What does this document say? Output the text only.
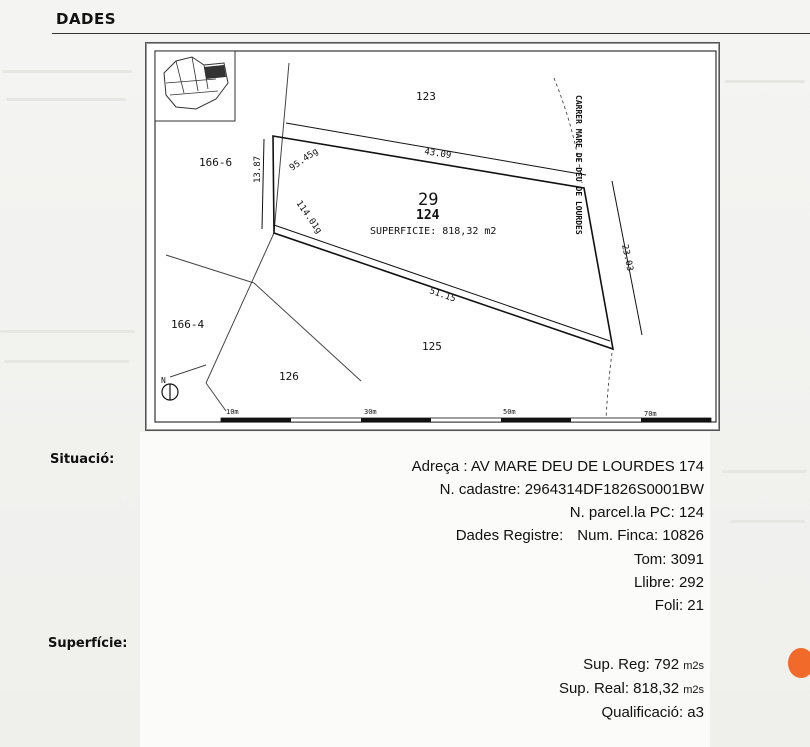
DADES
123
166-6
166-4
125
126
29
124
SUPERFICIE: 818,32 m2
43.09
13.87	95.45g
114.01g
23.03
51.15
CARRER MARE DE DEU DE LOURDES
N
10m	30m	50m	70m
Situació:	Adreça : AV MARE DEU DE LOURDES 174
N. cadastre: 2964314DF1826S0001BW
N. parcel.la PC: 124
Dades Registre: Num. Finca: 10826
Tom: 3091
Llibre: 292
Foli: 21
Superfície:
Sup. Reg: 792 m2s
Sup. Real: 818,32 m2s
Qualificació: a3
